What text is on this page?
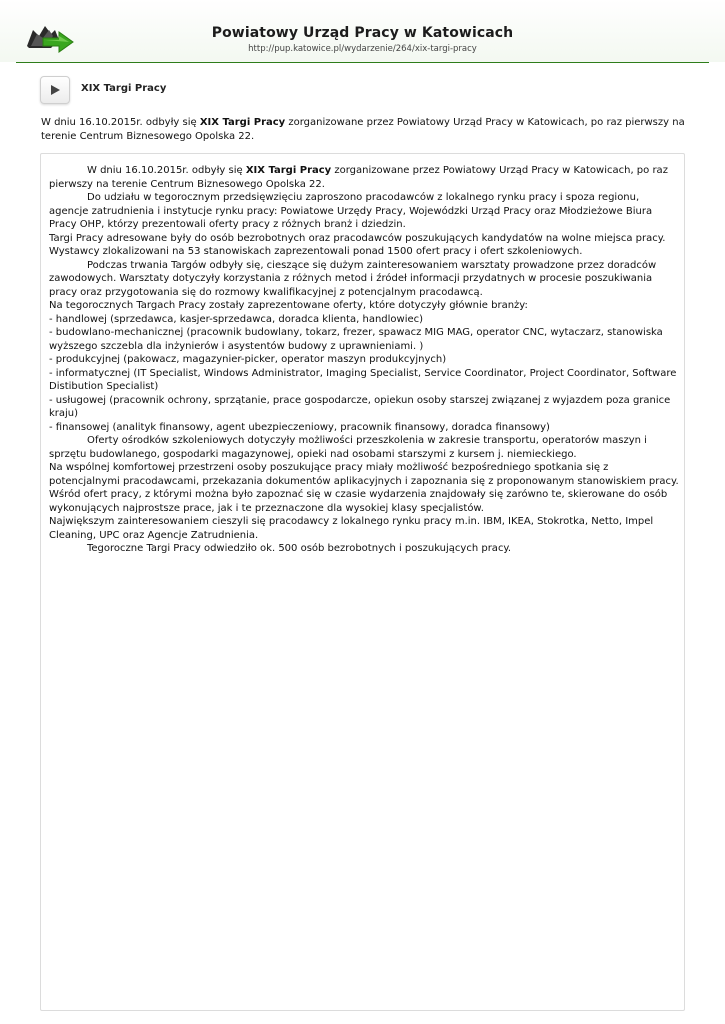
Powiatowy Urząd Pracy w Katowicach
http://pup.katowice.pl/wydarzenie/264/xix-targi-pracy
XIX Targi Pracy
W dniu 16.10.2015r. odbyły się XIX Targi Pracy zorganizowane przez Powiatowy Urząd Pracy w Katowicach, po raz pierwszy na terenie Centrum Biznesowego Opolska 22.

W dniu 16.10.2015r. odbyły się XIX Targi Pracy zorganizowane przez Powiatowy Urząd Pracy w Katowicach, po raz pierwszy na terenie Centrum Biznesowego Opolska 22.

Do udziału w tegorocznym przedsięwzięciu zaproszono pracodawców z lokalnego rynku pracy i spoza regionu, agencje zatrudnienia i instytucje rynku pracy: Powiatowe Urzędy Pracy, Wojewódzki Urząd Pracy oraz Młodzieżowe Biura Pracy OHP, którzy prezentowali oferty pracy z różnych branż i dziedzin.

Targi Pracy adresowane były do osób bezrobotnych oraz pracodawców poszukujących kandydatów na wolne miejsca pracy.

Wystawcy zlokalizowani na 53 stanowiskach zaprezentowali ponad 1500 ofert pracy i ofert szkoleniowych.

Podczas trwania Targów odbyły się, cieszące się dużym zainteresowaniem warsztaty prowadzone przez doradców zawodowych. Warsztaty dotyczyły korzystania z różnych metod i źródeł informacji przydatnych w procesie poszukiwania pracy oraz przygotowania się do rozmowy kwalifikacyjnej z potencjalnym pracodawcą.

Na tegorocznych Targach Pracy zostały zaprezentowane oferty, które dotyczyły głównie branży:

- handlowej (sprzedawca, kasjer-sprzedawca, doradca klienta, handlowiec)

- budowlano-mechanicznej (pracownik budowlany, tokarz, frezer, spawacz MIG MAG, operator CNC, wytaczarz, stanowiska wyższego szczebla dla inżynierów i asystentów budowy z uprawnieniami. )

- produkcyjnej (pakowacz, magazynier-picker, operator maszyn produkcyjnych)

- informatycznej (IT Specialist, Windows Administrator, Imaging Specialist, Service Coordinator, Project Coordinator, Software Distibution Specialist)

- usługowej (pracownik ochrony, sprzątanie, prace gospodarcze, opiekun osoby starszej związanej z wyjazdem poza granice kraju)

- finansowej (analityk finansowy, agent ubezpieczeniowy, pracownik finansowy, doradca finansowy)

Oferty ośrodków szkoleniowych dotyczyły możliwości przeszkolenia w zakresie transportu, operatorów maszyn i sprzętu budowlanego, gospodarki magazynowej, opieki nad osobami starszymi z kursem j. niemieckiego.

Na wspólnej komfortowej przestrzeni osoby poszukujące pracy miały możliwość bezpośredniego spotkania się z potencjalnymi pracodawcami, przekazania dokumentów aplikacyjnych i zapoznania się z proponowanym stanowiskiem pracy.

Wśród ofert pracy, z którymi można było zapoznać się w czasie wydarzenia znajdowały się zarówno te, skierowane do osób wykonujących najprostsze prace, jak i te przeznaczone dla wysokiej klasy specjalistów.

Największym zainteresowaniem cieszyli się pracodawcy z lokalnego rynku pracy m.in. IBM, IKEA, Stokrotka, Netto, Impel Cleaning, UPC oraz Agencje Zatrudnienia.

Tegoroczne Targi Pracy odwiedziło ok. 500 osób bezrobotnych i poszukujących pracy.
